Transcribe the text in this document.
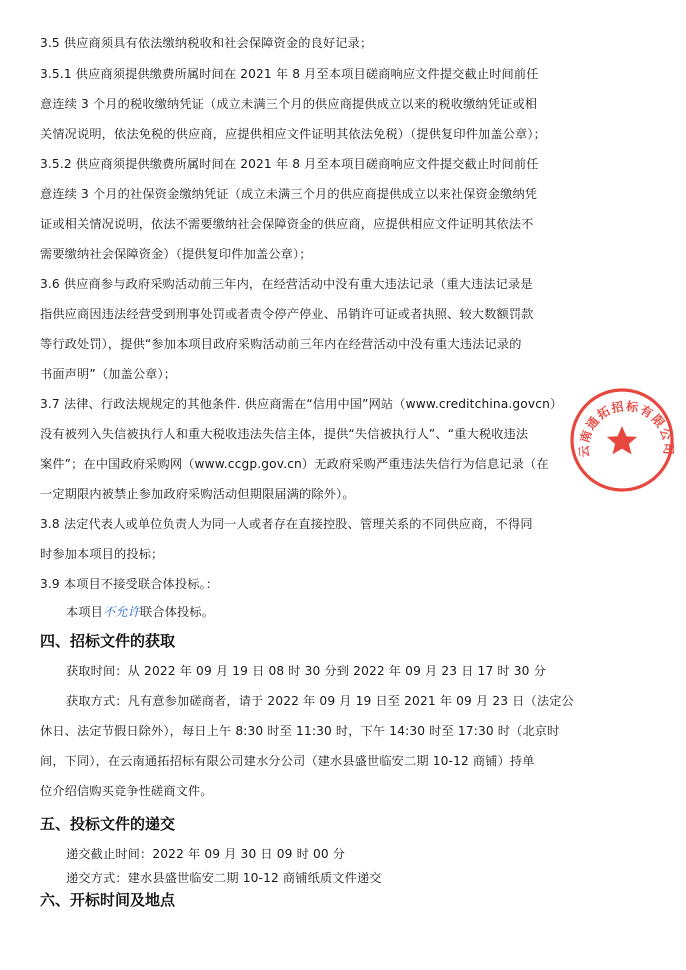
3.5 供应商须具有依法缴纳税收和社会保障资金的良好记录；
3.5.1 供应商须提供缴费所属时间在 2021 年 8 月至本项目磋商响应文件提交截止时间前任
意连续 3 个月的税收缴纳凭证（成立未满三个月的供应商提供成立以来的税收缴纳凭证或相
关情况说明，依法免税的供应商，应提供相应文件证明其依法免税）（提供复印件加盖公章）；
3.5.2 供应商须提供缴费所属时间在 2021 年 8 月至本项目磋商响应文件提交截止时间前任
意连续 3 个月的社保资金缴纳凭证（成立未满三个月的供应商提供成立以来社保资金缴纳凭
证或相关情况说明，依法不需要缴纳社会保障资金的供应商，应提供相应文件证明其依法不
需要缴纳社会保障资金）（提供复印件加盖公章）；
3.6 供应商参与政府采购活动前三年内，在经营活动中没有重大违法记录（重大违法记录是
指供应商因违法经营受到刑事处罚或者责令停产停业、吊销许可证或者执照、较大数额罚款
等行政处罚），提供“参加本项目政府采购活动前三年内在经营活动中没有重大违法记录的
书面声明”（加盖公章）；
3.7 法律、行政法规规定的其他条件. 供应商需在“信用中国”网站（www.creditchina.govcn）
没有被列入失信被执行人和重大税收违法失信主体，提供“失信被执行人”、“重大税收违法
案件”；在中国政府采购网（www.ccgp.gov.cn）无政府采购严重违法失信行为信息记录（在
一定期限内被禁止参加政府采购活动但期限届满的除外）。
3.8 法定代表人或单位负责人为同一人或者存在直接控股、管理关系的不同供应商，不得同
时参加本项目的投标；
3.9 本项目不接受联合体投标。：
本项目不允许联合体投标。
四、招标文件的获取
获取时间：从 2022 年 09 月 19 日 08 时 30 分到 2022 年 09 月 23 日 17 时 30 分
获取方式：凡有意参加磋商者，请于 2022 年 09 月 19 日至 2021 年 09 月 23 日（法定公
休日、法定节假日除外），每日上午 8:30 时至 11:30 时，下午 14:30 时至 17:30 时（北京时
间，下同），在云南通拓招标有限公司建水分公司（建水县盛世临安二期 10-12 商铺）持单
位介绍信购买竞争性磋商文件。
五、投标文件的递交
递交截止时间：2022 年 09 月 30 日 09 时 00 分
递交方式：建水县盛世临安二期 10-12 商铺纸质文件递交
六、开标时间及地点
云南通拓招标有限公司
